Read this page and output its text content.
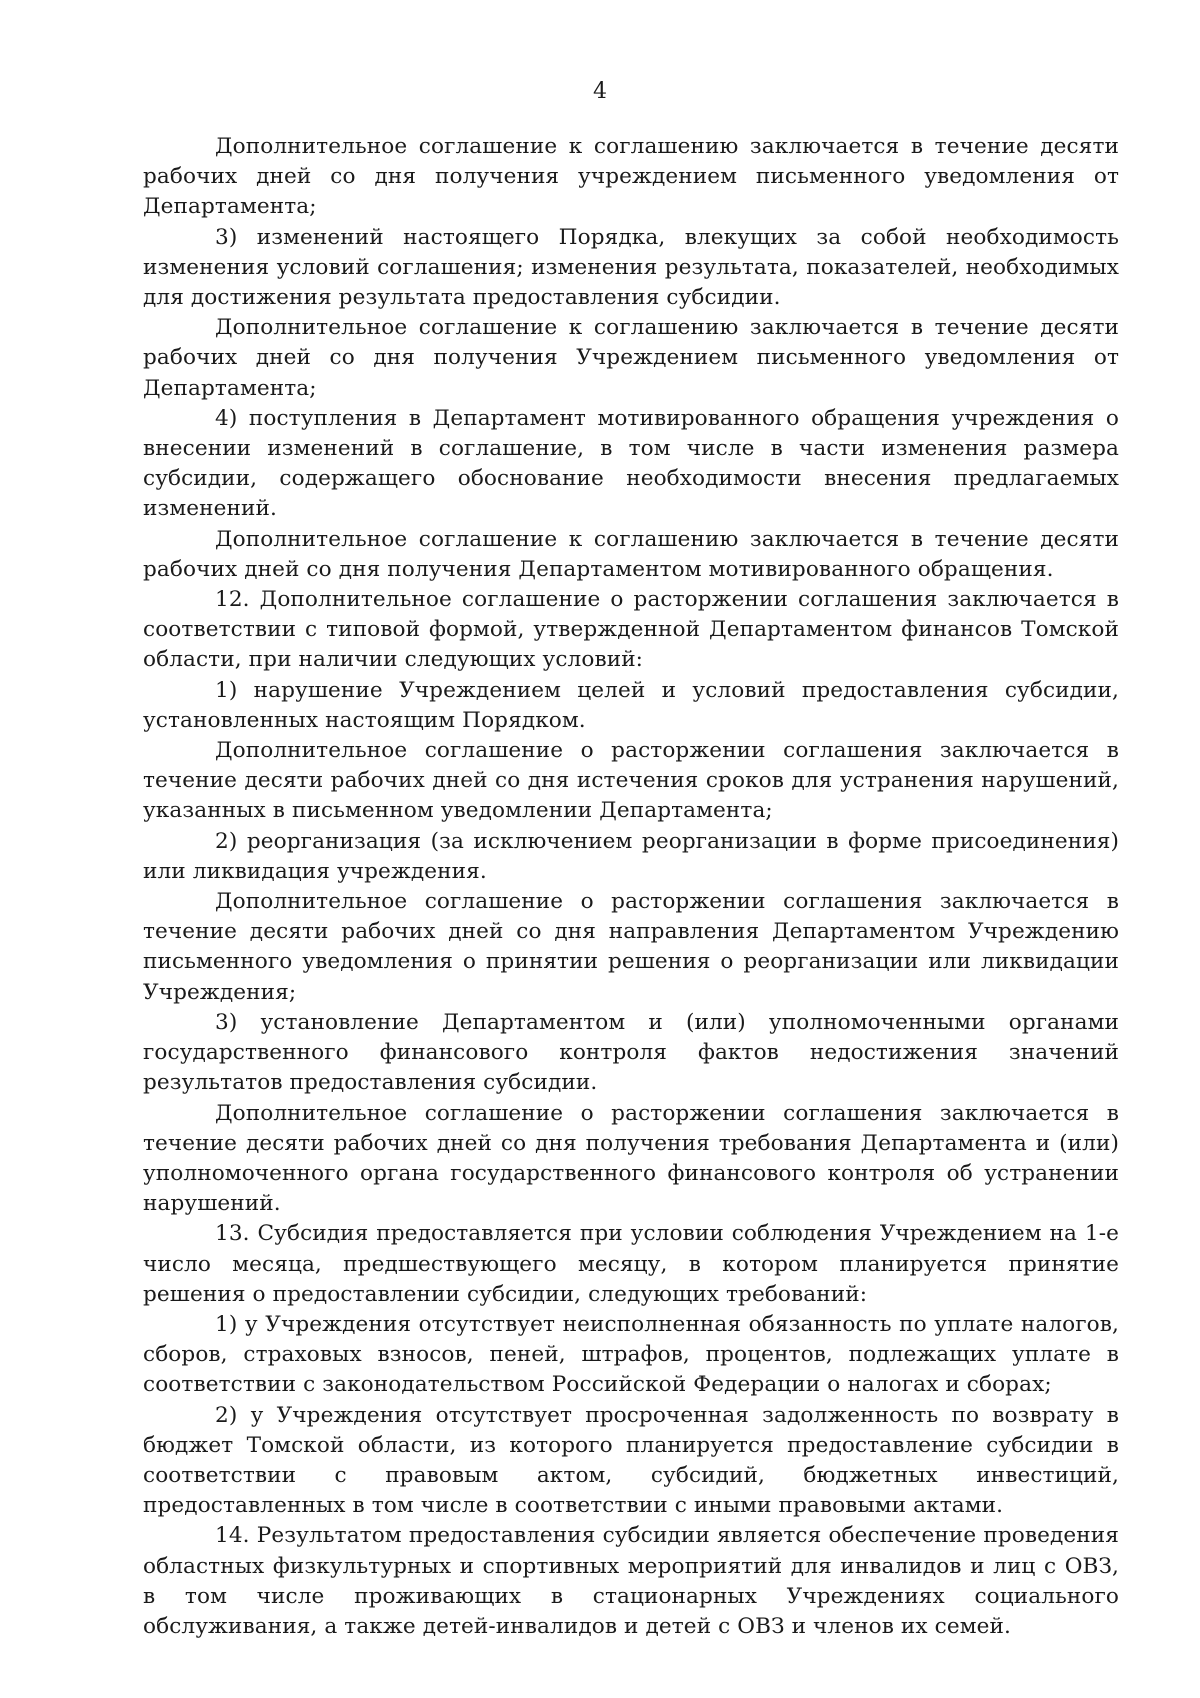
4

Дополнительное соглашение к соглашению заключается в течение десяти рабочих дней со дня получения учреждением письменного уведомления от Департамента;

3) изменений настоящего Порядка, влекущих за собой необходимость изменения условий соглашения; изменения результата, показателей, необходимых для достижения результата предоставления субсидии.

Дополнительное соглашение к соглашению заключается в течение десяти рабочих дней со дня получения Учреждением письменного уведомления от Департамента;

4) поступления в Департамент мотивированного обращения учреждения о внесении изменений в соглашение, в том числе в части изменения размера субсидии, содержащего обоснование необходимости внесения предлагаемых изменений.

Дополнительное соглашение к соглашению заключается в течение десяти рабочих дней со дня получения Департаментом мотивированного обращения.

12. Дополнительное соглашение о расторжении соглашения заключается в соответствии с типовой формой, утвержденной Департаментом финансов Томской области, при наличии следующих условий:

1) нарушение Учреждением целей и условий предоставления субсидии, установленных настоящим Порядком.

Дополнительное соглашение о расторжении соглашения заключается в течение десяти рабочих дней со дня истечения сроков для устранения нарушений, указанных в письменном уведомлении Департамента;

2) реорганизация (за исключением реорганизации в форме присоединения) или ликвидация учреждения.

Дополнительное соглашение о расторжении соглашения заключается в течение десяти рабочих дней со дня направления Департаментом Учреждению письменного уведомления о принятии решения о реорганизации или ликвидации Учреждения;

3) установление Департаментом и (или) уполномоченными органами государственного финансового контроля фактов недостижения значений результатов предоставления субсидии.

Дополнительное соглашение о расторжении соглашения заключается в течение десяти рабочих дней со дня получения требования Департамента и (или) уполномоченного органа государственного финансового контроля об устранении нарушений.

13. Субсидия предоставляется при условии соблюдения Учреждением на 1-е число месяца, предшествующего месяцу, в котором планируется принятие решения о предоставлении субсидии, следующих требований:

1) у Учреждения отсутствует неисполненная обязанность по уплате налогов, сборов, страховых взносов, пеней, штрафов, процентов, подлежащих уплате в соответствии с законодательством Российской Федерации о налогах и сборах;

2) у Учреждения отсутствует просроченная задолженность по возврату в бюджет Томской области, из которого планируется предоставление субсидии в соответствии с правовым актом, субсидий, бюджетных инвестиций, предоставленных в том числе в соответствии с иными правовыми актами.

14. Результатом предоставления субсидии является обеспечение проведения областных физкультурных и спортивных мероприятий для инвалидов и лиц с ОВЗ, в том числе проживающих в стационарных Учреждениях социального обслуживания, а также детей-инвалидов и детей с ОВЗ и членов их семей.
